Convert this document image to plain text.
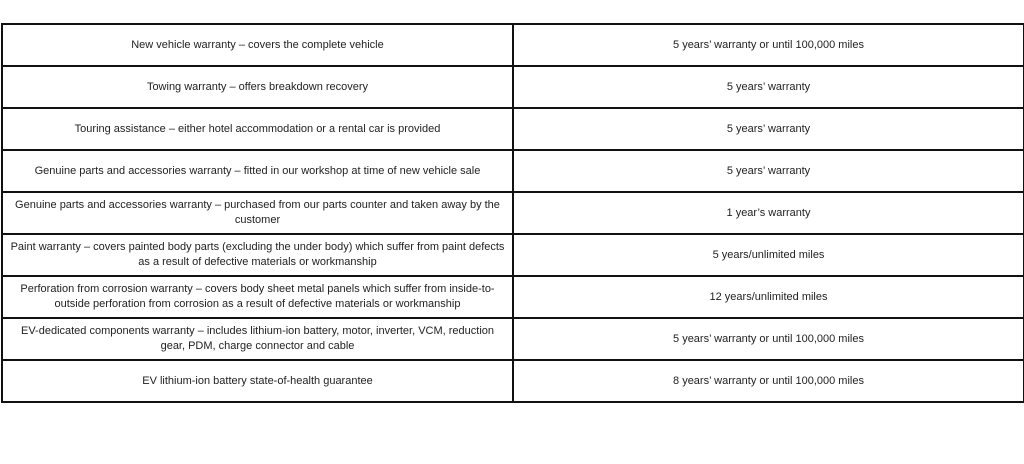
New vehicle warranty – covers the complete vehicle	5 years’ warranty or until 100,000 miles
Towing warranty – offers breakdown recovery	5 years’ warranty
Touring assistance – either hotel accommodation or a rental car is provided	5 years’ warranty
Genuine parts and accessories warranty – fitted in our workshop at time of new vehicle sale	5 years’ warranty
Genuine parts and accessories warranty – purchased from our parts counter and taken away by the customer	1 year’s warranty
Paint warranty – covers painted body parts (excluding the under body) which suffer from paint defects as a result of defective materials or workmanship	5 years/unlimited miles
Perforation from corrosion warranty – covers body sheet metal panels which suffer from inside-to-outside perforation from corrosion as a result of defective materials or workmanship	12 years/unlimited miles
EV-dedicated components warranty – includes lithium-ion battery, motor, inverter, VCM, reduction gear, PDM, charge connector and cable	5 years’ warranty or until 100,000 miles
EV lithium-ion battery state-of-health guarantee	8 years’ warranty or until 100,000 miles
